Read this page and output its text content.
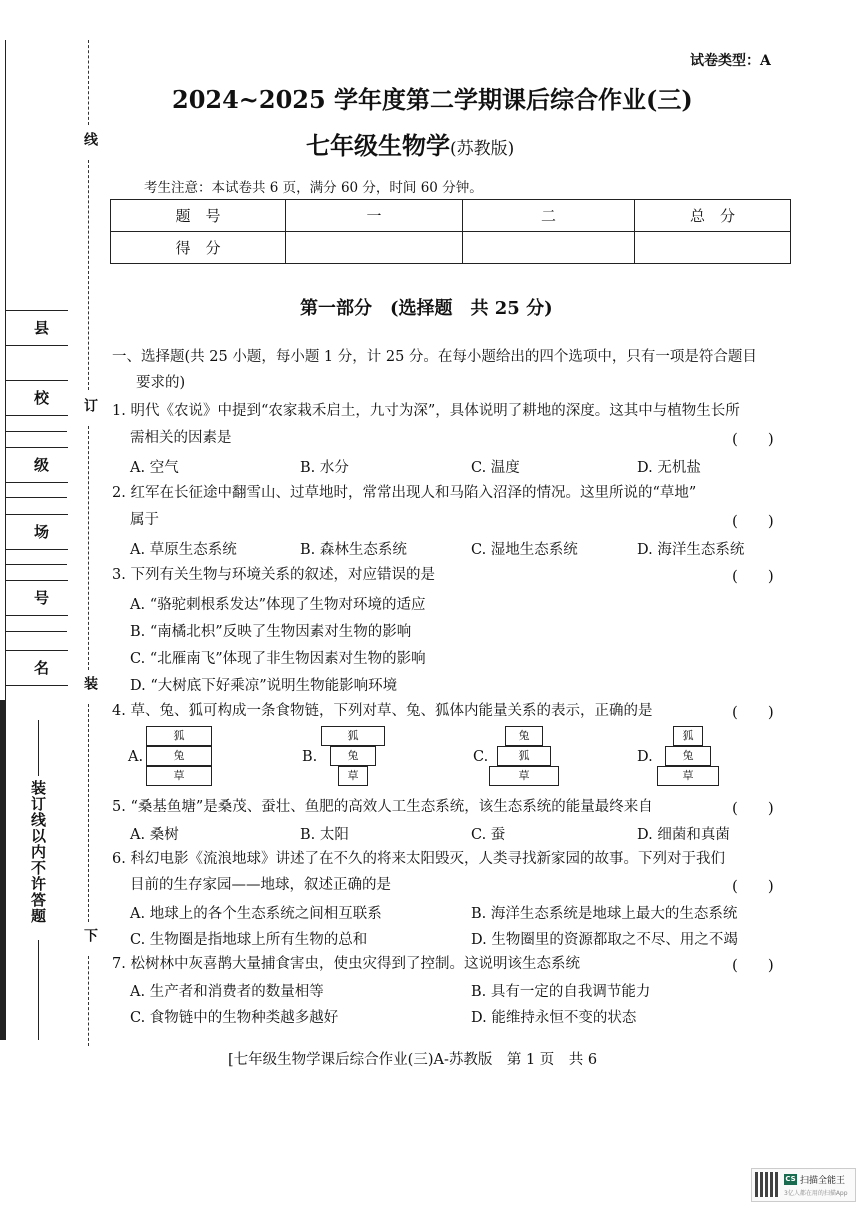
县
校
级
场
号
名
装订线以内不许答题
线
订
装
下
试卷类型：A
2024~2025 学年度第二学期课后综合作业(三)
七年级生物学(苏教版)
考生注意：本试卷共 6 页，满分 60 分，时间 60 分钟。
题　号	一	二	总　分
得　分			
第一部分　(选择题　共 25 分)
一、选择题(共 25 小题，每小题 1 分，计 25 分。在每小题给出的四个选项中，只有一项是符合题目
要求的)
1. 明代《农说》中提到“农家栽禾启土，九寸为深”，具体说明了耕地的深度。这其中与植物生长所
需相关的因素是	(　　)
A. 空气	B. 水分	C. 温度	D. 无机盐
2. 红军在长征途中翻雪山、过草地时，常常出现人和马陷入沼泽的情况。这里所说的“草地”
属于	(　　)
A. 草原生态系统	B. 森林生态系统	C. 湿地生态系统	D. 海洋生态系统
3. 下列有关生物与环境关系的叙述，对应错误的是	(　　)
A. “骆驼刺根系发达”体现了生物对环境的适应
B. “南橘北枳”反映了生物因素对生物的影响
C. “北雁南飞”体现了非生物因素对生物的影响
D. “大树底下好乘凉”说明生物能影响环境
4. 草、兔、狐可构成一条食物链，下列对草、兔、狐体内能量关系的表示，正确的是	(　　)
A.
狐
兔
草
B.
狐
兔
草
C.
兔
狐
草
D.
狐
兔
草
5. “桑基鱼塘”是桑茂、蚕壮、鱼肥的高效人工生态系统，该生态系统的能量最终来自	(　　)
A. 桑树	B. 太阳	C. 蚕	D. 细菌和真菌
6. 科幻电影《流浪地球》讲述了在不久的将来太阳毁灭，人类寻找新家园的故事。下列对于我们
目前的生存家园——地球，叙述正确的是	(　　)
A. 地球上的各个生态系统之间相互联系	B. 海洋生态系统是地球上最大的生态系统
C. 生物圈是指地球上所有生物的总和	D. 生物圈里的资源都取之不尽、用之不竭
7. 松树林中灰喜鹊大量捕食害虫，使虫灾得到了控制。这说明该生态系统	(　　)
A. 生产者和消费者的数量相等	B. 具有一定的自我调节能力
C. 食物链中的生物种类越多越好	D. 能维持永恒不变的状态
[七年级生物学课后综合作业(三)A-苏教版　第 1 页　共 6
CS 扫描全能王
3亿人都在用的扫描App
